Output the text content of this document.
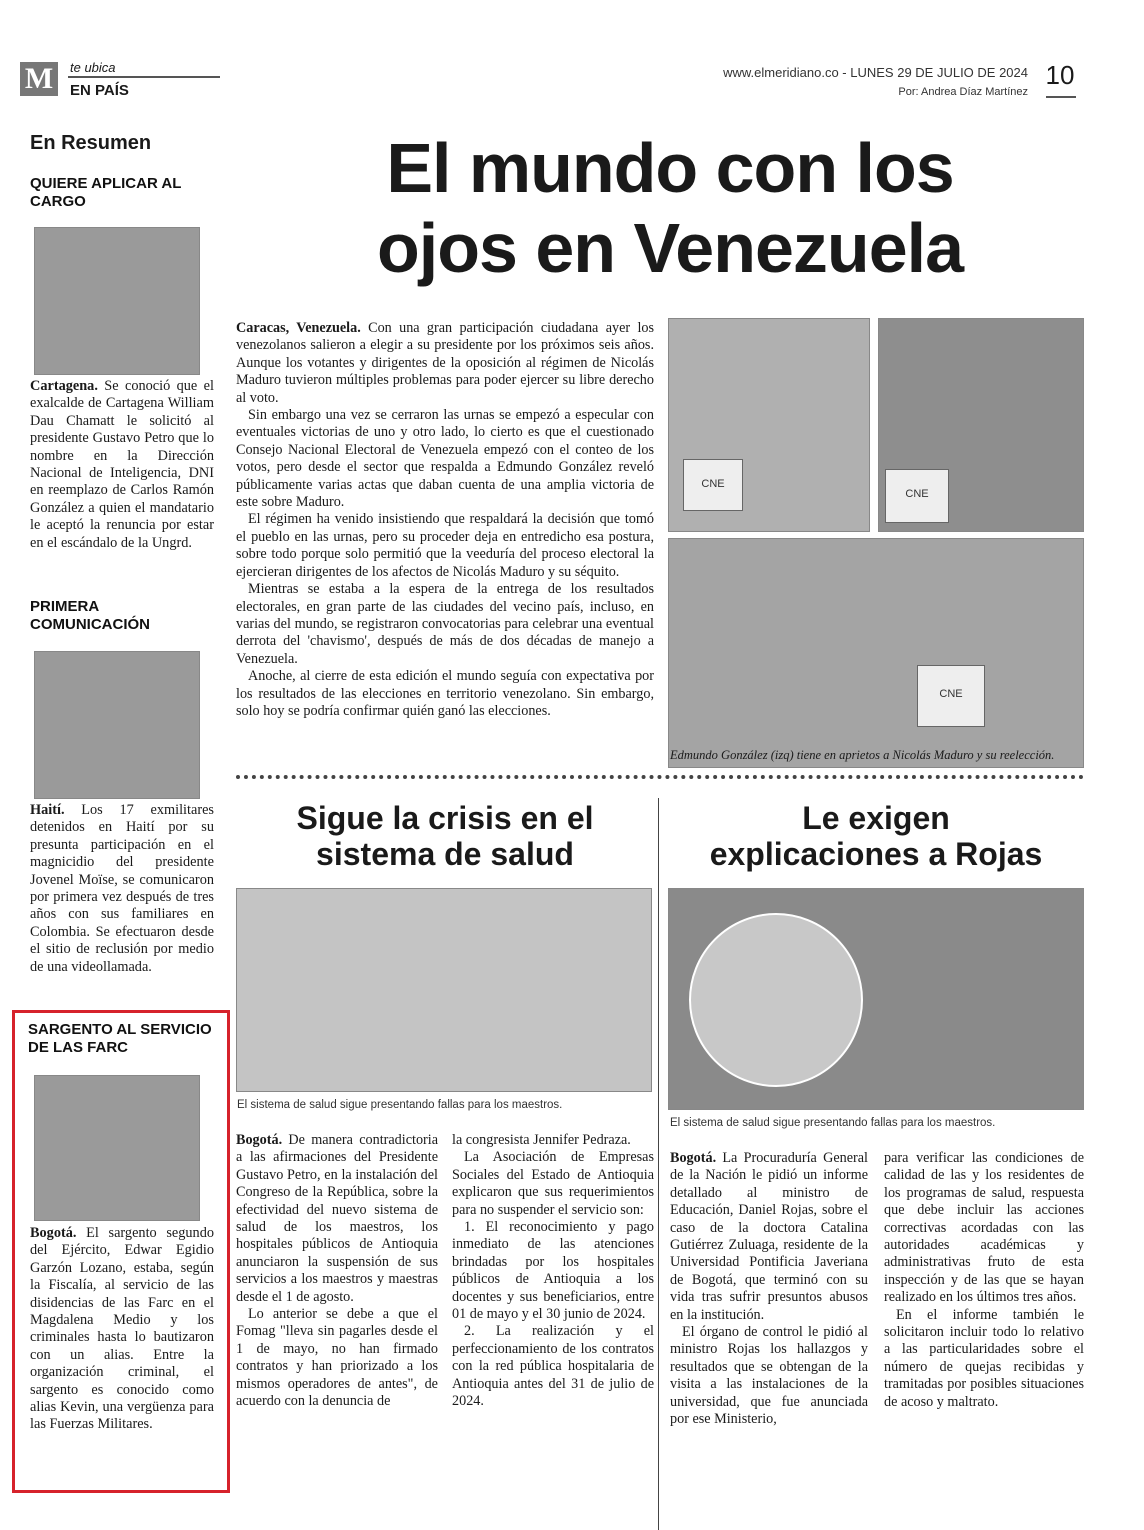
M	te ubica
EN PAÍS
www.elmeridiano.co - LUNES 29 DE JULIO DE 2024
Por: Andrea Díaz Martínez
10
En Resumen
QUIERE APLICAR AL CARGO
Cartagena. Se conoció que el exalcalde de Cartagena William Dau Chamatt le solicitó al presidente Gustavo Petro que lo nombre en la Dirección Nacional de Inteligencia, DNI en reemplazo de Carlos Ramón González a quien el mandatario le aceptó la renuncia por estar en el escándalo de la Ungrd.
PRIMERA COMUNICACIÓN
Haití. Los 17 exmilitares detenidos en Haití por su presunta participación en el magnicidio del presidente Jovenel Moïse, se comunicaron por primera vez después de tres años con sus familiares en Colombia. Se efectuaron desde el sitio de reclusión por medio de una videollamada.
SARGENTO AL SERVICIO DE LAS FARC
Bogotá. El sargento segundo del Ejército, Edwar Egidio Garzón Lozano, estaba, según la Fiscalía, al servicio de las disidencias de las Farc en el Magdalena Medio y los criminales hasta lo bautizaron con un alias. Entre la organización criminal, el sargento es conocido como alias Kevin, una vergüenza para las Fuerzas Militares.
El mundo con los
ojos en Venezuela

Caracas, Venezuela. Con una gran participación ciudadana ayer los venezolanos salieron a elegir a su presidente por los próximos seis años. Aunque los votantes y dirigentes de la oposición al régimen de Nicolás Maduro tuvieron múltiples problemas para poder ejercer su libre derecho al voto.

Sin embargo una vez se cerraron las urnas se empezó a especular con eventuales victorias de uno y otro lado, lo cierto es que el cuestionado Consejo Nacional Electoral de Venezuela empezó con el conteo de los votos, pero desde el sector que respalda a Edmundo González reveló públicamente varias actas que daban cuenta de una amplia victoria de este sobre Maduro.

El régimen ha venido insistiendo que respaldará la decisión que tomó el pueblo en las urnas, pero su proceder deja en entredicho esa postura, sobre todo porque solo permitió que la veeduría del proceso electoral la ejercieran dirigentes de los afectos de Nicolás Maduro y su séquito.

Mientras se estaba a la espera de la entrega de los resultados electorales, en gran parte de las ciudades del vecino país, incluso, en varias del mundo, se registraron convocatorias para celebrar una eventual derrota del 'chavismo', después de más de dos décadas de manejo a Venezuela.

Anoche, al cierre de esta edición el mundo seguía con expectativa por los resultados de las elecciones en territorio venezolano. Sin embargo, solo hoy se podría confirmar quién ganó las elecciones.

CNE
CNE
CNE
Edmundo González (izq) tiene en aprietos a Nicolás Maduro y su reelección.
Sigue la crisis en el
sistema de salud
El sistema de salud sigue presentando fallas para los maestros.

Bogotá. De manera contradictoria a las afirmaciones del Presidente Gustavo Petro, en la instalación del Congreso de la República, sobre la efectividad del nuevo sistema de salud de los maestros, los hospitales públicos de Antioquia anunciaron la suspensión de sus servicios a los maestros y maestras desde el 1 de agosto.

Lo anterior se debe a que el Fomag "lleva sin pagarles desde el 1 de mayo, no han firmado contratos y han priorizado a los mismos operadores de antes", de acuerdo con la denuncia de

la congresista Jennifer Pedraza.

La Asociación de Empresas Sociales del Estado de Antioquia explicaron que sus requerimientos para no suspender el servicio son:

1. El reconocimiento y pago inmediato de las atenciones brindadas por los hospitales públicos de Antioquia a los docentes y sus beneficiarios, entre 01 de mayo y el 30 junio de 2024.

2. La realización y el perfeccionamiento de los contratos con la red pública hospitalaria de Antioquia antes del 31 de julio de 2024.

Le exigen
explicaciones a Rojas
El sistema de salud sigue presentando fallas para los maestros.

Bogotá. La Procuraduría General de la Nación le pidió un informe detallado al ministro de Educación, Daniel Rojas, sobre el caso de la doctora Catalina Gutiérrez Zuluaga, residente de la Universidad Pontificia Javeriana de Bogotá, que terminó con su vida tras sufrir presuntos abusos en la institución.

El órgano de control le pidió al ministro Rojas los hallazgos y resultados que se obtengan de la visita a las instalaciones de la universidad, que fue anunciada por ese Ministerio,

para verificar las condiciones de calidad de las y los residentes de los programas de salud, respuesta que debe incluir las acciones correctivas acordadas con las autoridades académicas y administrativas fruto de esta inspección y de las que se hayan realizado en los últimos tres años.

En el informe también le solicitaron incluir todo lo relativo a las particularidades sobre el número de quejas recibidas y tramitadas por posibles situaciones de acoso y maltrato.
